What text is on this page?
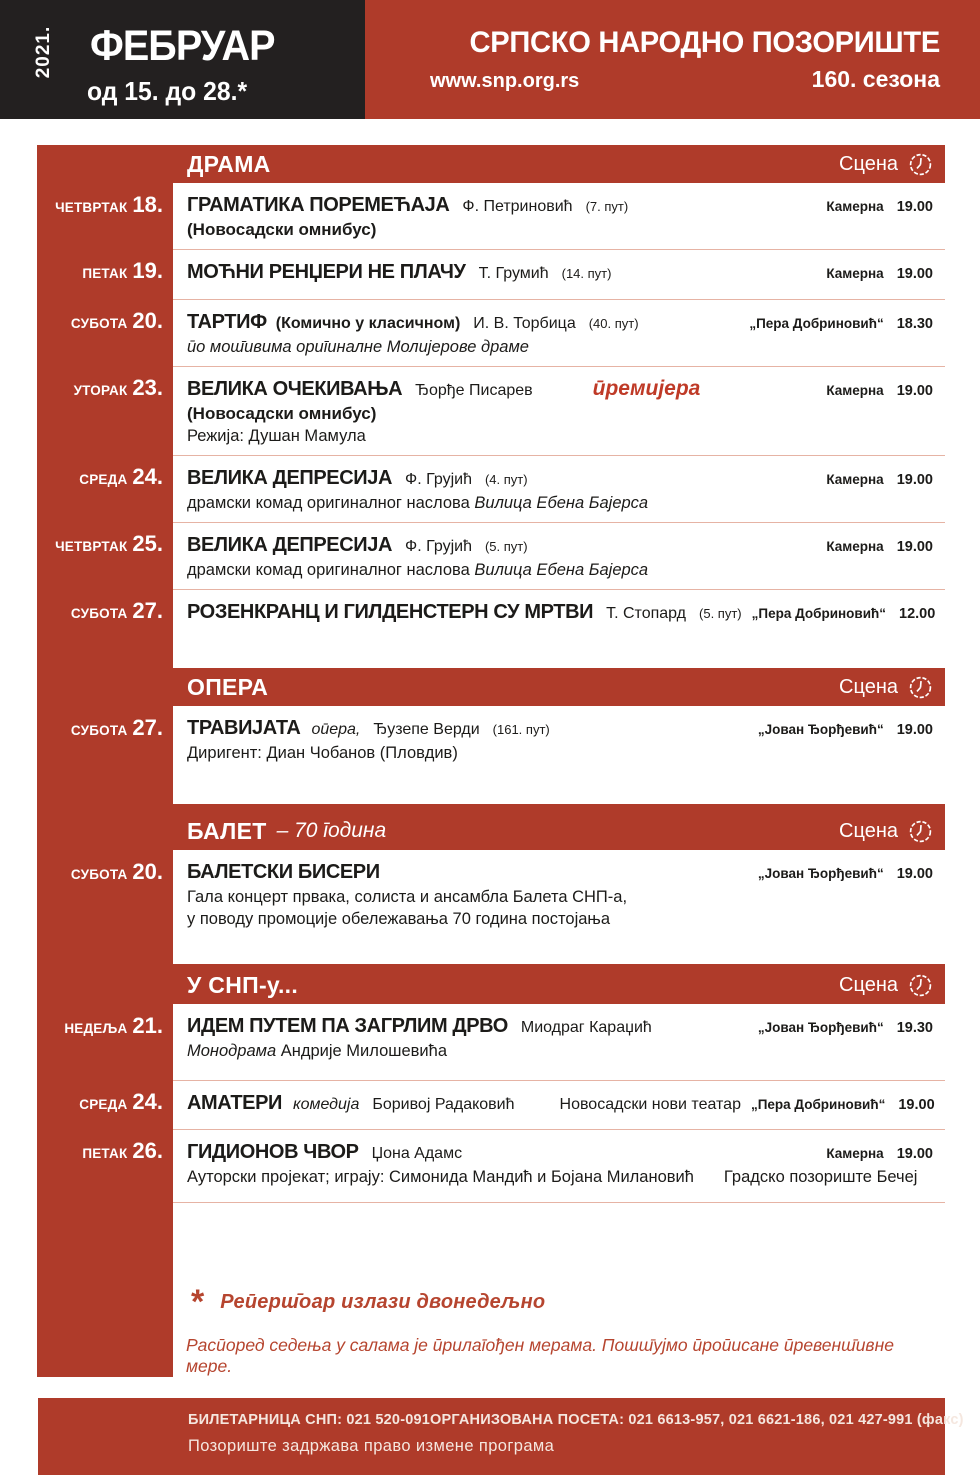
2021. ФЕБРУАР
од 15. до 28.*
СРПСКО НАРОДНО ПОЗОРИШТЕ
www.snp.org.rs	160. сезона
ДРАМА	Сцена
ЧЕТВРТАК 18.	ГРАМАТИКА ПОРЕМЕЋАЈА Ф. Петриновић (7. пут)	Камерна 19.00
(Новосадски омнибус)
ПЕТАК 19.	МОЋНИ РЕНЏЕРИ НЕ ПЛАЧУ Т. Грумић (14. пут)	Камерна 19.00
СУБОТА 20.	ТАРТИФ (Комично у класичном) И. В. Торбица (40. пут)	„Пера Добриновић“ 18.30
ūо мош̄ивима ориīиналне Молијерове драме
УТОРАК 23.	ВЕЛИКА ОЧЕКИВАЊА Ђорђе Писарев	ūремијера	Камерна 19.00
(Новосадски омнибус)
Режија: Душан Мамула
СРЕДА 24.	ВЕЛИКА ДЕПРЕСИЈА Ф. Грујић (4. пут)	Камерна 19.00
драмски комад оригиналног наслова Вилица Ебена Бајерса
ЧЕТВРТАК 25.	ВЕЛИКА ДЕПРЕСИЈА Ф. Грујић (5. пут)	Камерна 19.00
драмски комад оригиналног наслова Вилица Ебена Бајерса
СУБОТА 27.	РОЗЕНКРАНЦ И ГИЛДЕНСТЕРН СУ МРТВИ Т. Стопард (5. пут) „Пера Добриновић“ 12.00
ОПЕРА	Сцена
СУБОТА 27.	ТРАВИЈАТА оūера, Ђузепе Верди (161. пут)	„Јован Ђорђевић“ 19.00
Диригент: Диан Чобанов (Пловдив)
БАЛЕТ – 70 īодина	Сцена
СУБОТА 20.	БАЛЕТСКИ БИСЕРИ	„Јован Ђорђевић“ 19.00
Гала концерт првака, солиста и ансамбла Балета СНП-а,
у поводу промоције обележавања 70 година постојања
У СНП-у...	Сцена
НЕДЕЉА 21.	ИДЕМ ПУТЕМ ПА ЗАГРЛИМ ДРВО Миодраг Караџић	„Јован Ђорђевић“ 19.30
Монодрама Андрије Милошевића
СРЕДА 24.	АМАТЕРИ комедија Боривој Радаковић	Новосадски нови театар „Пера Добриновић“ 19.00
ПЕТАК 26.	ГИДИОНОВ ЧВОР Џона Адамс	Камерна 19.00
Ауторски пројекат; играју: Симонида Мандић и Бојана Милановић Градско позориште Бечеј
* Реūерш̄оар излази двонедељно
Расūоред седења у салама је ūрилаīођен мерама. Пошш̄ујмо ūроūисане ūревенш̄ивне мере.
БИЛЕТАРНИЦА СНП: 021 520-091 ОРГАНИЗОВАНА ПОСЕТА: 021 6613-957, 021 6621-186, 021 427-991 (факс)
Позориште задржава право измене програма
